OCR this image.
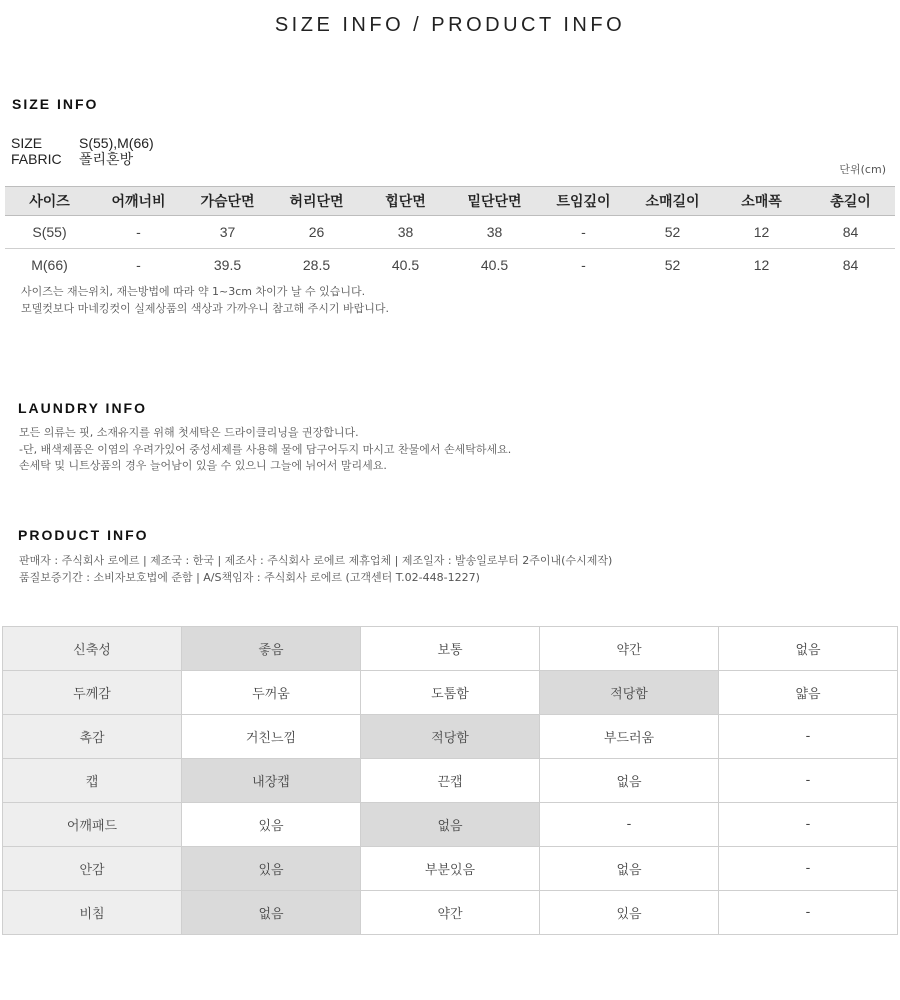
SIZE INFO / PRODUCT INFO
SIZE INFO
SIZE	S(55),M(66)
FABRIC 폴리혼방
단위(cm)
사이즈	어깨너비	가슴단면	허리단면	힙단면	밑단단면	트임깊이	소매길이	소매폭	총길이
S(55)	-	37	26	38	38	-	52	12	84
M(66)	-	39.5	28.5	40.5	40.5	-	52	12	84
사이즈는 재는위치, 재는방법에 따라 약 1~3cm 차이가 날 수 있습니다.
모델컷보다 마네킹컷이 실제상품의 색상과 가까우니 참고해 주시기 바랍니다.
LAUNDRY INFO
모든 의류는 핏, 소재유지를 위해 첫세탁은 드라이클리닝을 권장합니다.
-단, 배색제품은 이염의 우려가있어 중성세제를 사용해 물에 담구어두지 마시고 찬물에서 손세탁하세요.
손세탁 및 니트상품의 경우 늘어남이 있을 수 있으니 그늘에 뉘어서 말리세요.
PRODUCT INFO
판매자 : 주식회사 로에르 | 제조국 : 한국 | 제조사 : 주식회사 로에르 제휴업체 | 제조일자 : 발송일로부터 2주이내(수시제작)
품질보증기간 : 소비자보호법에 준함 | A/S책임자 : 주식회사 로에르 (고객센터 T.02-448-1227)
신축성	좋음	보통	약간	없음
두께감	두꺼움	도톰함	적당함	얇음
촉감	거친느낌	적당함	부드러움	-
캡	내장캡	끈캡	없음	-
어깨패드	있음	없음	-	-
안감	있음	부분있음	없음	-
비침	없음	약간	있음	-
